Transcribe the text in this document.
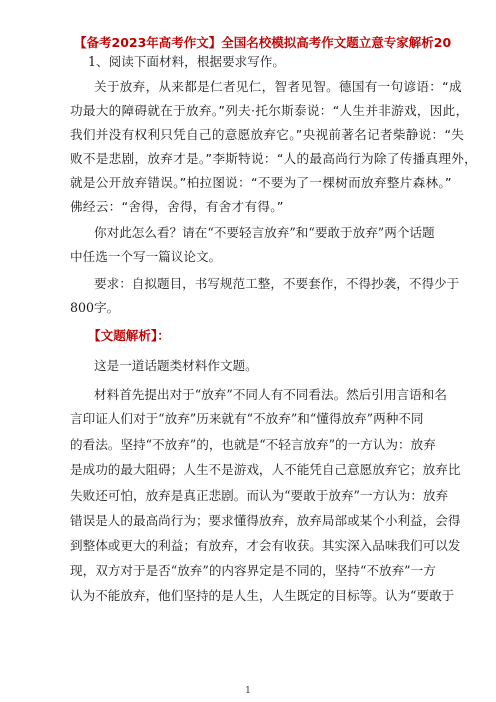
【备考2023年高考作文】全国名校模拟高考作文题立意专家解析20
1、阅读下面材料，根据要求写作。
关于放弃，从来都是仁者见仁，智者见智。德国有一句谚语：“成
功最大的障碍就在于放弃。”列夫·托尔斯泰说：“人生并非游戏，因此，
我们并没有权利只凭自己的意愿放弃它。”央视前著名记者柴静说：“失
败不是悲剧，放弃才是。”李斯特说：“人的最高尚行为除了传播真理外，
就是公开放弃错误。”柏拉图说：“不要为了一棵树而放弃整片森林。”
佛经云：“舍得，舍得，有舍才有得。”
你对此怎么看？请在“不要轻言放弃”和“要敢于放弃”两个话题
中任选一个写一篇议论文。
要求：自拟题目，书写规范工整，不要套作，不得抄袭，不得少于
800字。
【文题解析】：
这是一道话题类材料作文题。
材料首先提出对于“放弃”不同人有不同看法。然后引用言语和名
言印证人们对于“放弃”历来就有“不放弃”和“懂得放弃”两种不同
的看法。坚持“不放弃”的，也就是“不轻言放弃”的一方认为：放弃
是成功的最大阻碍；人生不是游戏，人不能凭自己意愿放弃它；放弃比
失败还可怕，放弃是真正悲剧。而认为“要敢于放弃”一方认为：放弃
错误是人的最高尚行为；要求懂得放弃，放弃局部或某个小利益，会得
到整体或更大的利益；有放弃，才会有收获。其实深入品味我们可以发
现，双方对于是否“放弃”的内容界定是不同的，坚持“不放弃”一方
认为不能放弃，他们坚持的是人生，人生既定的目标等。认为“要敢于
1
